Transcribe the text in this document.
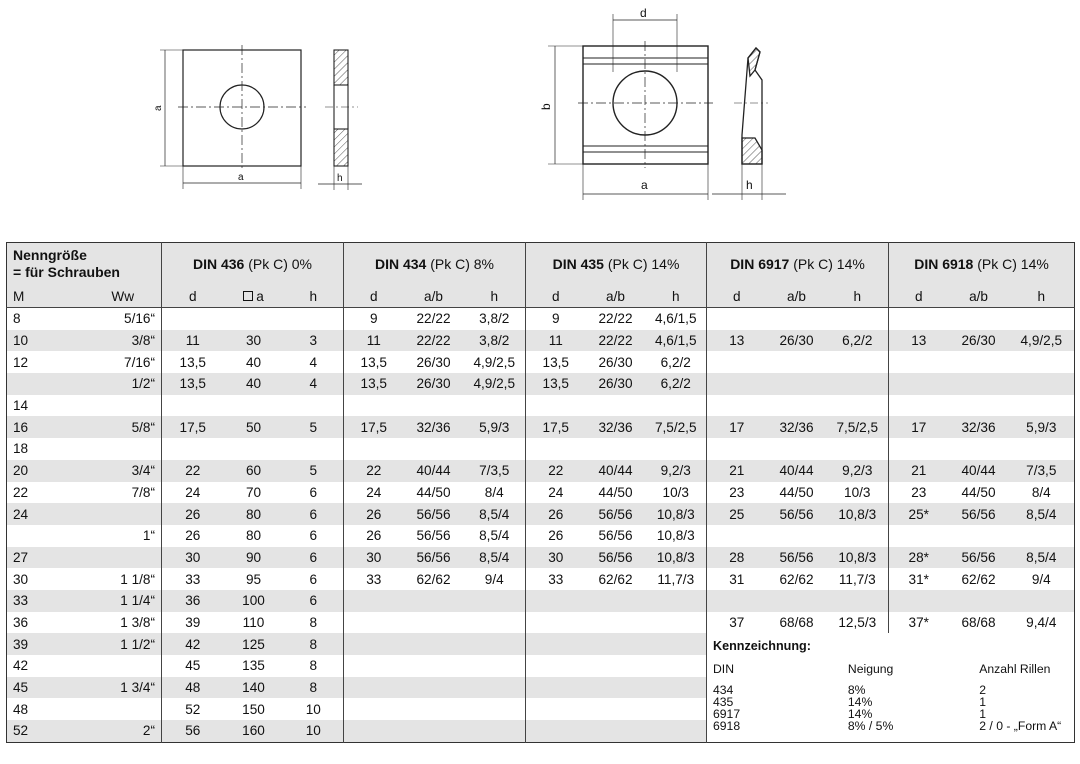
a
a	h
d
b
a	h
Nenngröße
= für Schrauben	DIN 436 (Pk C) 0%	DIN 434 (Pk C) 8%	DIN 435 (Pk C) 14%	DIN 6917 (Pk C) 14%	DIN 6918 (Pk C) 14%
M	Ww	d	a	h	d	a/b	h	d	a/b	h	d	a/b	h	d	a/b	h
8	5/16“				9	22/22	3,8/2	9	22/22	4,6/1,5						
10	3/8“	11	30	3	11	22/22	3,8/2	11	22/22	4,6/1,5	13	26/30	6,2/2	13	26/30	4,9/2,5
12	7/16“	13,5	40	4	13,5	26/30	4,9/2,5	13,5	26/30	6,2/2						
	1/2“	13,5	40	4	13,5	26/30	4,9/2,5	13,5	26/30	6,2/2						
14																
16	5/8“	17,5	50	5	17,5	32/36	5,9/3	17,5	32/36	7,5/2,5	17	32/36	7,5/2,5	17	32/36	5,9/3
18																
20	3/4“	22	60	5	22	40/44	7/3,5	22	40/44	9,2/3	21	40/44	9,2/3	21	40/44	7/3,5
22	7/8“	24	70	6	24	44/50	8/4	24	44/50	10/3	23	44/50	10/3	23	44/50	8/4
24		26	80	6	26	56/56	8,5/4	26	56/56	10,8/3	25	56/56	10,8/3	25*	56/56	8,5/4
	1“	26	80	6	26	56/56	8,5/4	26	56/56	10,8/3						
27		30	90	6	30	56/56	8,5/4	30	56/56	10,8/3	28	56/56	10,8/3	28*	56/56	8,5/4
30	1 1/8“	33	95	6	33	62/62	9/4	33	62/62	11,7/3	31	62/62	11,7/3	31*	62/62	9/4
33	1 1/4“	36	100	6												
36	1 3/8“	39	110	8							37	68/68	12,5/3	37*	68/68	9,4/4
39	1 1/2“	42	125	8							Kennzeichnung:
DIN	Neigung	Anzahl Rillen
434	8%	2
435	14%	1
6917	14%	1
6918	8% / 5%	2 / 0 - „Form A“

42		45	135	8						
45	1 3/4“	48	140	8						
48		52	150	10						
52	2“	56	160	10						
